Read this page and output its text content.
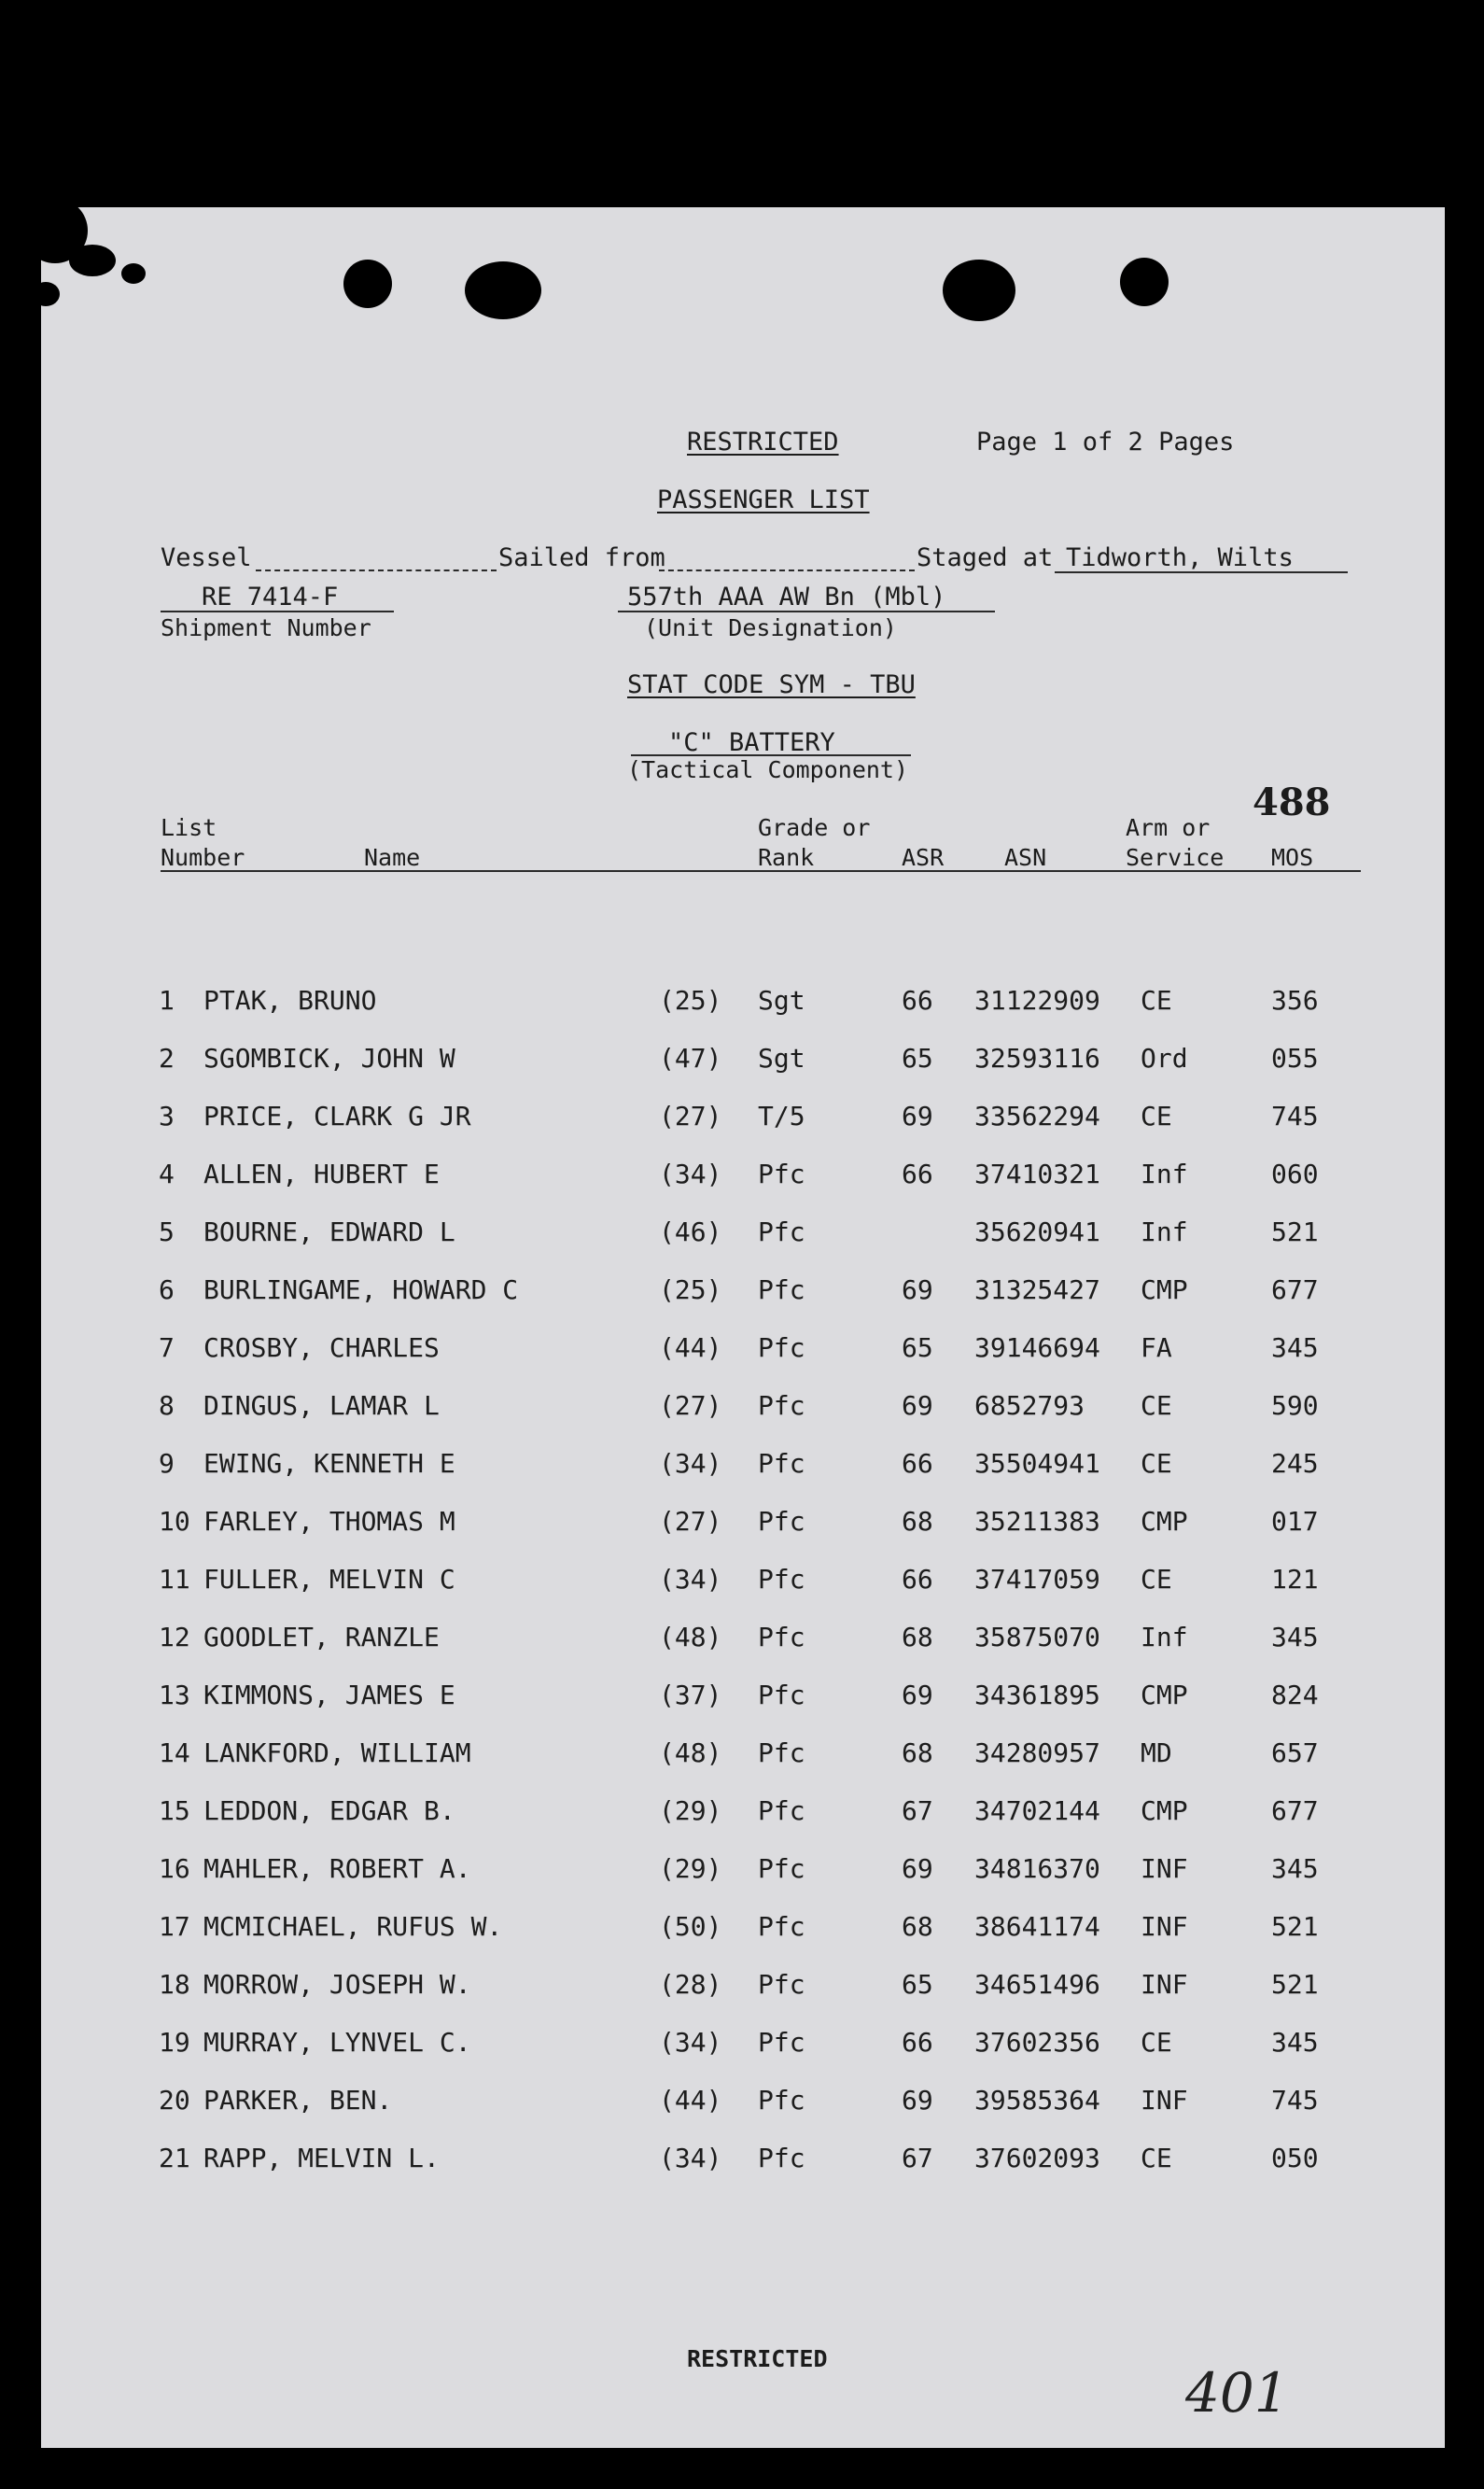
RESTRICTED	Page 1 of 2 Pages
PASSENGER LIST
Vessel	Sailed from	Staged at Tidworth, Wilts
RE 7414-F
Shipment Number
557th AAA AW Bn (Mbl)
(Unit Designation)
STAT CODE SYM - TBU
"C" BATTERY
(Tactical Component)
488
List
Number	Name
Grade or
Rank	ASR	ASN
Arm or
Service MOS
1 PTAK, BRUNO	(25) Sgt	66 31122909 CE	356
2 SGOMBICK, JOHN W	(47) Sgt	65 32593116 Ord	055
3 PRICE, CLARK G JR	(27) T/5	69 33562294 CE	745
4 ALLEN, HUBERT E	(34) Pfc	66 37410321 Inf	060
5 BOURNE, EDWARD L	(46) Pfc	35620941 Inf	521
6 BURLINGAME, HOWARD C	(25) Pfc	69 31325427 CMP	677
7 CROSBY, CHARLES	(44) Pfc	65 39146694 FA	345
8 DINGUS, LAMAR L	(27) Pfc	69 6852793 CE	590
9 EWING, KENNETH E	(34) Pfc	66 35504941 CE	245
10 FARLEY, THOMAS M	(27) Pfc	68 35211383 CMP	017
11 FULLER, MELVIN C	(34) Pfc	66 37417059 CE	121
12 GOODLET, RANZLE	(48) Pfc	68 35875070 Inf	345
13 KIMMONS, JAMES E	(37) Pfc	69 34361895 CMP	824
14 LANKFORD, WILLIAM	(48) Pfc	68 34280957 MD	657
15 LEDDON, EDGAR B.	(29) Pfc	67 34702144 CMP	677
16 MAHLER, ROBERT A.	(29) Pfc	69 34816370 INF	345
17 MCMICHAEL, RUFUS W.	(50) Pfc	68 38641174 INF	521
18 MORROW, JOSEPH W.	(28) Pfc	65 34651496 INF	521
19 MURRAY, LYNVEL C.	(34) Pfc	66 37602356 CE	345
20 PARKER, BEN.	(44) Pfc	69 39585364 INF	745
21 RAPP, MELVIN L.	(34) Pfc	67 37602093 CE	050
RESTRICTED
401
